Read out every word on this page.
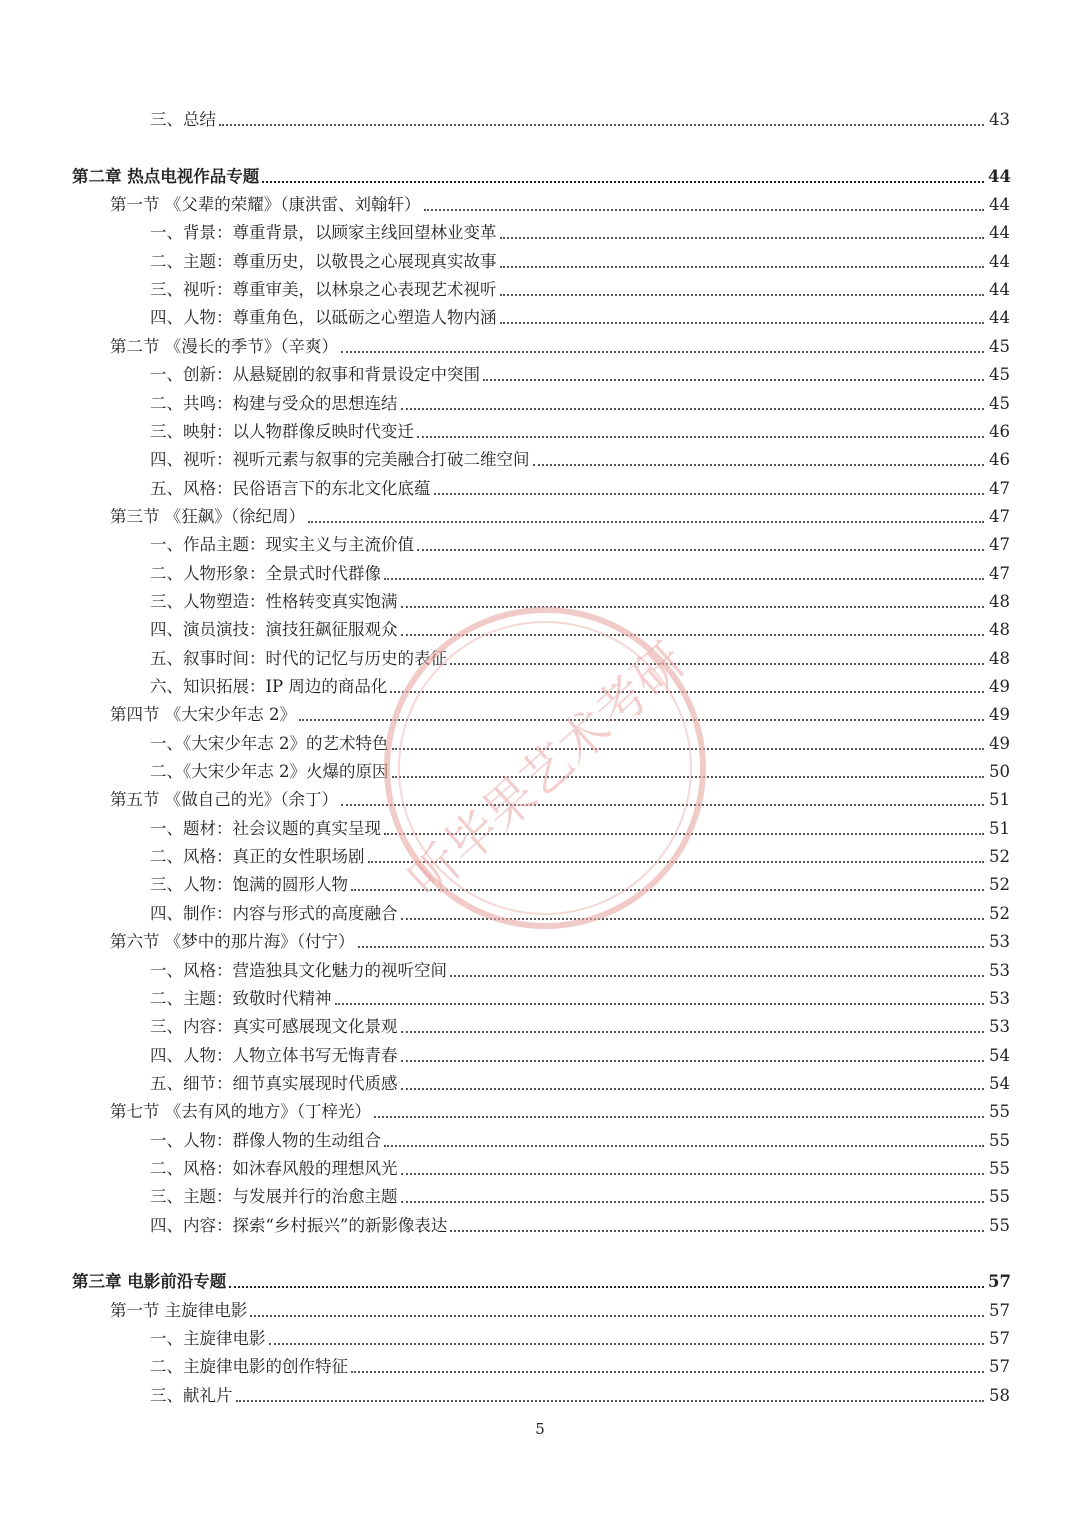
三、总结	43
第二章 热点电视作品专题	44
第一节 《父辈的荣耀》（康洪雷、刘翰轩）	44
一、背景：尊重背景，以顾家主线回望林业变革	44
二、主题：尊重历史，以敬畏之心展现真实故事	44
三、视听：尊重审美，以林泉之心表现艺术视听	44
四、人物：尊重角色，以砥砺之心塑造人物内涵	44
第二节 《漫长的季节》（辛爽）	45
一、创新：从悬疑剧的叙事和背景设定中突围	45
二、共鸣：构建与受众的思想连结	45
三、映射：以人物群像反映时代变迁	46
四、视听：视听元素与叙事的完美融合打破二维空间	46
五、风格：民俗语言下的东北文化底蕴	47
第三节 《狂飙》（徐纪周）	47
一、作品主题：现实主义与主流价值	47
二、人物形象：全景式时代群像	47
三、人物塑造：性格转变真实饱满	48
四、演员演技：演技狂飙征服观众	48
五、叙事时间：时代的记忆与历史的表征	48
六、知识拓展：IP 周边的商品化	49
第四节 《大宋少年志 2》	49
一、《大宋少年志 2》的艺术特色	49
二、《大宋少年志 2》火爆的原因	50
第五节 《做自己的光》（余丁）	51
一、题材：社会议题的真实呈现	51
二、风格：真正的女性职场剧	52
三、人物：饱满的圆形人物	52
四、制作：内容与形式的高度融合	52
第六节 《梦中的那片海》（付宁）	53
一、风格：营造独具文化魅力的视听空间	53
二、主题：致敬时代精神	53
三、内容：真实可感展现文化景观	53
四、人物：人物立体书写无悔青春	54
五、细节：细节真实展现时代质感	54
第七节 《去有风的地方》（丁梓光）	55
一、人物：群像人物的生动组合	55
二、风格：如沐春风般的理想风光	55
三、主题：与发展并行的治愈主题	55
四、内容：探索“乡村振兴”的新影像表达	55
第三章 电影前沿专题	57
第一节 主旋律电影	57
一、主旋律电影	57
二、主旋律电影的创作特征	57
三、献礼片	58
听毕果艺术考研
5
